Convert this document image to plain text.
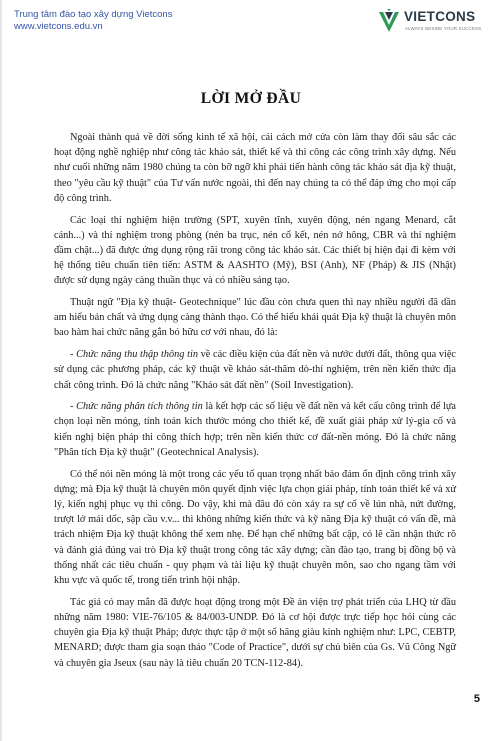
Trung tâm đào tạo xây dựng Vietcons
www.vietcons.edu.vn
VIETCONS
ALWAYS BESIDE YOUR SUCCESS
LỜI MỞ ĐẦU

Ngoài thành quả về đời sống kinh tế xã hội, cải cách mở cửa còn làm thay đổi sâu sắc các hoạt động nghề nghiệp như công tác khảo sát, thiết kế và thi công các công trình xây dựng. Nếu như cuối những năm 1980 chúng ta còn bỡ ngỡ khi phải tiến hành công tác khảo sát địa kỹ thuật, theo "yêu cầu kỹ thuật" của Tư vấn nước ngoài, thì đến nay chúng ta có thể đáp ứng cho mọi cấp độ công trình.

Các loại thí nghiệm hiện trường (SPT, xuyên tĩnh, xuyên động, nén ngang Menard, cắt cánh...) và thí nghiệm trong phòng (nén ba trục, nén cố kết, nén nở hông, CBR và thí nghiệm đầm chặt...) đã được ứng dụng rộng rãi trong công tác khảo sát. Các thiết bị hiện đại đi kèm với hệ thống tiêu chuẩn tiên tiến: ASTM & AASHTO (Mỹ), BSI (Anh), NF (Pháp) & JIS (Nhật) được sử dụng ngày càng thuần thục và có nhiều sáng tạo.

Thuật ngữ "Địa kỹ thuật- Geotechnique" lúc đầu còn chưa quen thì nay nhiều người đã dần am hiểu bản chất và ứng dụng càng thành thạo. Có thể hiểu khái quát Địa kỹ thuật là chuyên môn bao hàm hai chức năng gắn bó hữu cơ với nhau, đó là:

- Chức năng thu thập thông tin về các điều kiện của đất nền và nước dưới đất, thông qua việc sử dụng các phương pháp, các kỹ thuật về khảo sát-thăm dò-thí nghiệm, trên nền kiến thức địa chất công trình. Đó là chức năng "Khảo sát đất nền" (Soil Investigation).

- Chức năng phân tích thông tin là kết hợp các số liệu về đất nền và kết cấu công trình để lựa chọn loại nền móng, tính toán kích thước móng cho thiết kế, đề xuất giải pháp xử lý-gia cố và kiến nghị biện pháp thi công thích hợp; trên nền kiến thức cơ đất-nền móng. Đó là chức năng "Phân tích Địa kỹ thuật" (Geotechnical Analysis).

Có thể nói nền móng là một trong các yếu tố quan trọng nhất bảo đảm ổn định công trình xây dựng; mà Địa kỹ thuật là chuyên môn quyết định việc lựa chọn giải pháp, tính toán thiết kế và xử lý, kiến nghị phục vụ thi công. Do vậy, khi mà đâu đó còn xảy ra sự cố về lún nhà, nứt đường, trượt lở mái dốc, sập cầu v.v... thì không những kiến thức và kỹ năng Địa kỹ thuật có vấn đề, mà trách nhiệm Địa kỹ thuật không thể xem nhẹ. Để hạn chế những bất cập, có lẽ cần nhận thức rõ và đánh giá đúng vai trò Địa kỹ thuật trong công tác xây dựng; cần đào tạo, trang bị đồng bộ và thống nhất các tiêu chuẩn - quy phạm và tài liệu kỹ thuật chuyên môn, sao cho ngang tầm với khu vực và quốc tế, trong tiến trình hội nhập.

Tác giả có may mắn đã được hoạt động trong một Đề án viện trợ phát triển của LHQ từ đầu những năm 1980: VIE-76/105 & 84/003-UNDP. Đó là cơ hội được trực tiếp học hỏi cùng các chuyên gia Địa kỹ thuật Pháp; được thực tập ở một số hãng giàu kinh nghiệm như: LPC, CEBTP, MENARD; được tham gia soạn thảo "Code of Practice", dưới sự chủ biên của Gs. Vũ Công Ngữ và chuyên gia Jseux (sau này là tiêu chuẩn 20 TCN-112-84).

5
